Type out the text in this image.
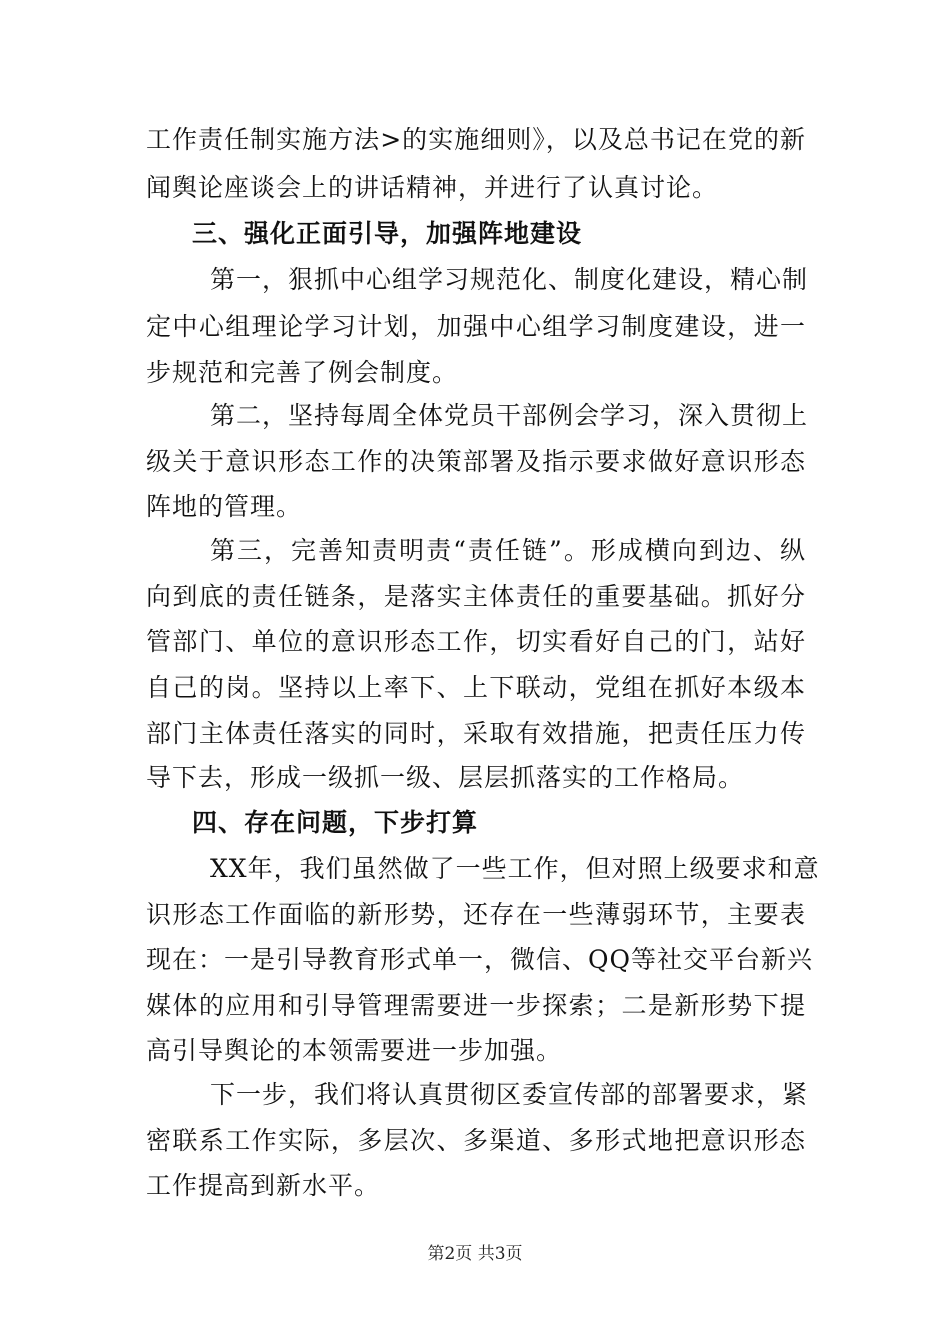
工作责任制实施方法>的实施细则》，以及总书记在党的新
闻舆论座谈会上的讲话精神，并进行了认真讨论。
三、强化正面引导，加强阵地建设
第一，狠抓中心组学习规范化、制度化建设，精心制
定中心组理论学习计划，加强中心组学习制度建设，进一
步规范和完善了例会制度。
第二，坚持每周全体党员干部例会学习，深入贯彻上
级关于意识形态工作的决策部署及指示要求做好意识形态
阵地的管理。
第三，完善知责明责“责任链”。形成横向到边、纵
向到底的责任链条，是落实主体责任的重要基础。抓好分
管部门、单位的意识形态工作，切实看好自己的门，站好
自己的岗。坚持以上率下、上下联动，党组在抓好本级本
部门主体责任落实的同时，采取有效措施，把责任压力传
导下去，形成一级抓一级、层层抓落实的工作格局。
四、存在问题，下步打算
XX年，我们虽然做了一些工作，但对照上级要求和意
识形态工作面临的新形势，还存在一些薄弱环节，主要表
现在：一是引导教育形式单一，微信、QQ等社交平台新兴
媒体的应用和引导管理需要进一步探索；二是新形势下提
高引导舆论的本领需要进一步加强。
下一步，我们将认真贯彻区委宣传部的部署要求，紧
密联系工作实际，多层次、多渠道、多形式地把意识形态
工作提高到新水平。
第2页 共3页
